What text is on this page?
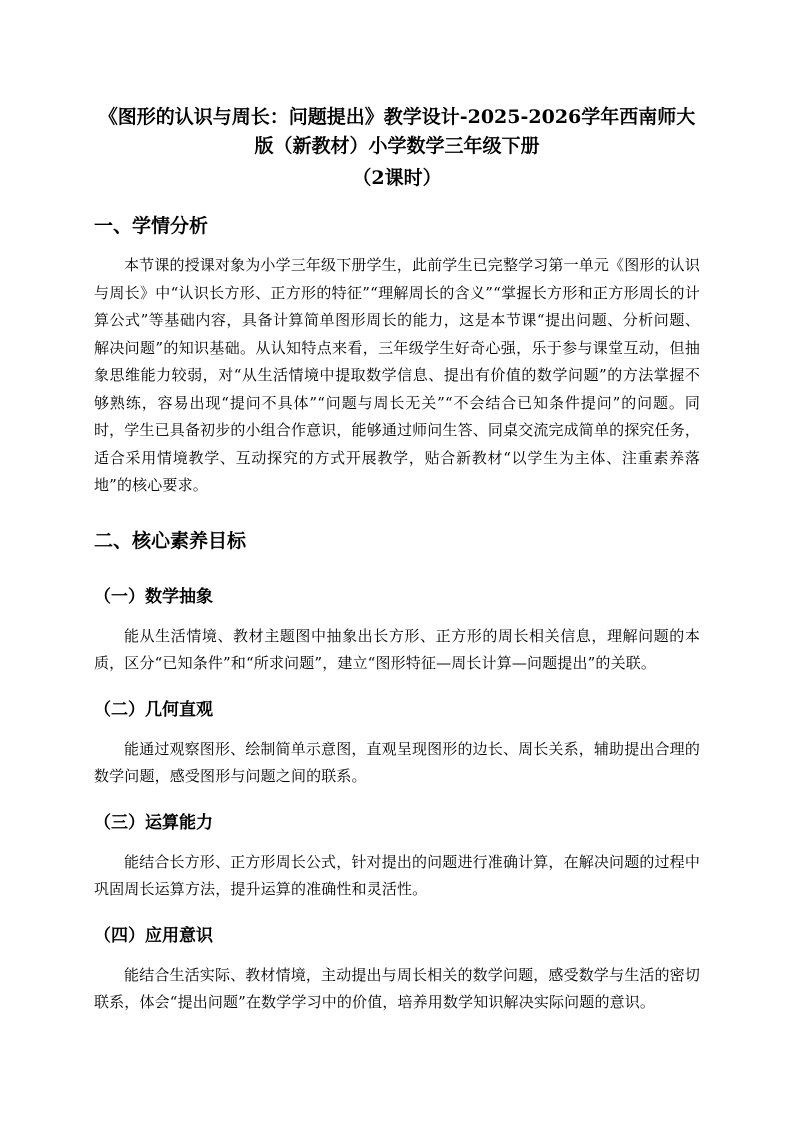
《图形的认识与周长：问题提出》教学设计-2025-2026学年西南师大

版（新教材）小学数学三年级下册

（2课时）

一、学情分析

本节课的授课对象为小学三年级下册学生，此前学生已完整学习第一单元《图形的认识与周长》中“认识长方形、正方形的特征”“理解周长的含义”“掌握长方形和正方形周长的计算公式”等基础内容，具备计算简单图形周长的能力，这是本节课“提出问题、分析问题、解决问题”的知识基础。从认知特点来看，三年级学生好奇心强，乐于参与课堂互动，但抽象思维能力较弱，对“从生活情境中提取数学信息、提出有价值的数学问题”的方法掌握不够熟练，容易出现“提问不具体”“问题与周长无关”“不会结合已知条件提问”的问题。同时，学生已具备初步的小组合作意识，能够通过师问生答、同桌交流完成简单的探究任务，适合采用情境教学、互动探究的方式开展教学，贴合新教材“以学生为主体、注重素养落地”的核心要求。

二、核心素养目标
（一）数学抽象

能从生活情境、教材主题图中抽象出长方形、正方形的周长相关信息，理解问题的本质，区分“已知条件”和“所求问题”，建立“图形特征—周长计算—问题提出”的关联。

（二）几何直观

能通过观察图形、绘制简单示意图，直观呈现图形的边长、周长关系，辅助提出合理的数学问题，感受图形与问题之间的联系。

（三）运算能力

能结合长方形、正方形周长公式，针对提出的问题进行准确计算，在解决问题的过程中巩固周长运算方法，提升运算的准确性和灵活性。

（四）应用意识

能结合生活实际、教材情境，主动提出与周长相关的数学问题，感受数学与生活的密切联系，体会“提出问题”在数学学习中的价值，培养用数学知识解决实际问题的意识。
